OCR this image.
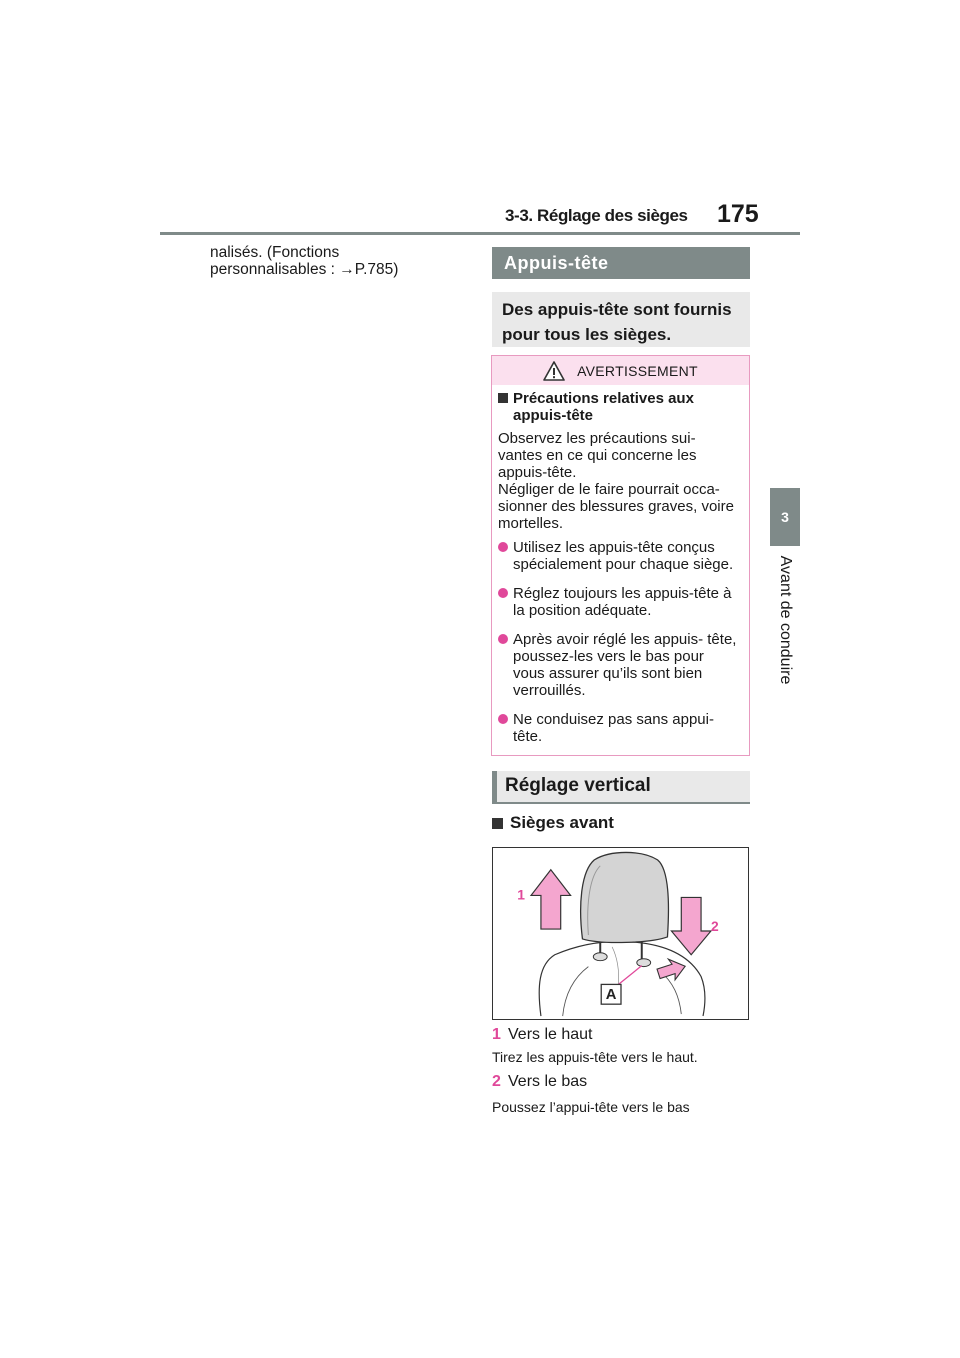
3-3. Réglage des sièges 175
3
Avant de conduire
nalisés. (Fonctions
personnalisables : →P.785)	Appuis-tête
Des appuis-tête sont fournis pour tous les sièges.
AVERTISSEMENT
Précautions relatives aux appuis-tête
Observez les précautions sui- vantes en ce qui concerne les appuis-tête.
Négliger de le faire pourrait occa- sionner des blessures graves, voire mortelles.
Utilisez les appuis-tête conçus spécialement pour chaque siège.
Réglez toujours les appuis-tête à la position adéquate.
Après avoir réglé les appuis- tête, poussez-les vers le bas pour vous assurer qu’ils sont bien verrouillés.
Ne conduisez pas sans appui- tête.
Réglage vertical
Sièges avant
A
1
2
1 Vers le haut
Tirez les appuis-tête vers le haut.
2 Vers le bas
Poussez l’appui-tête vers le bas
